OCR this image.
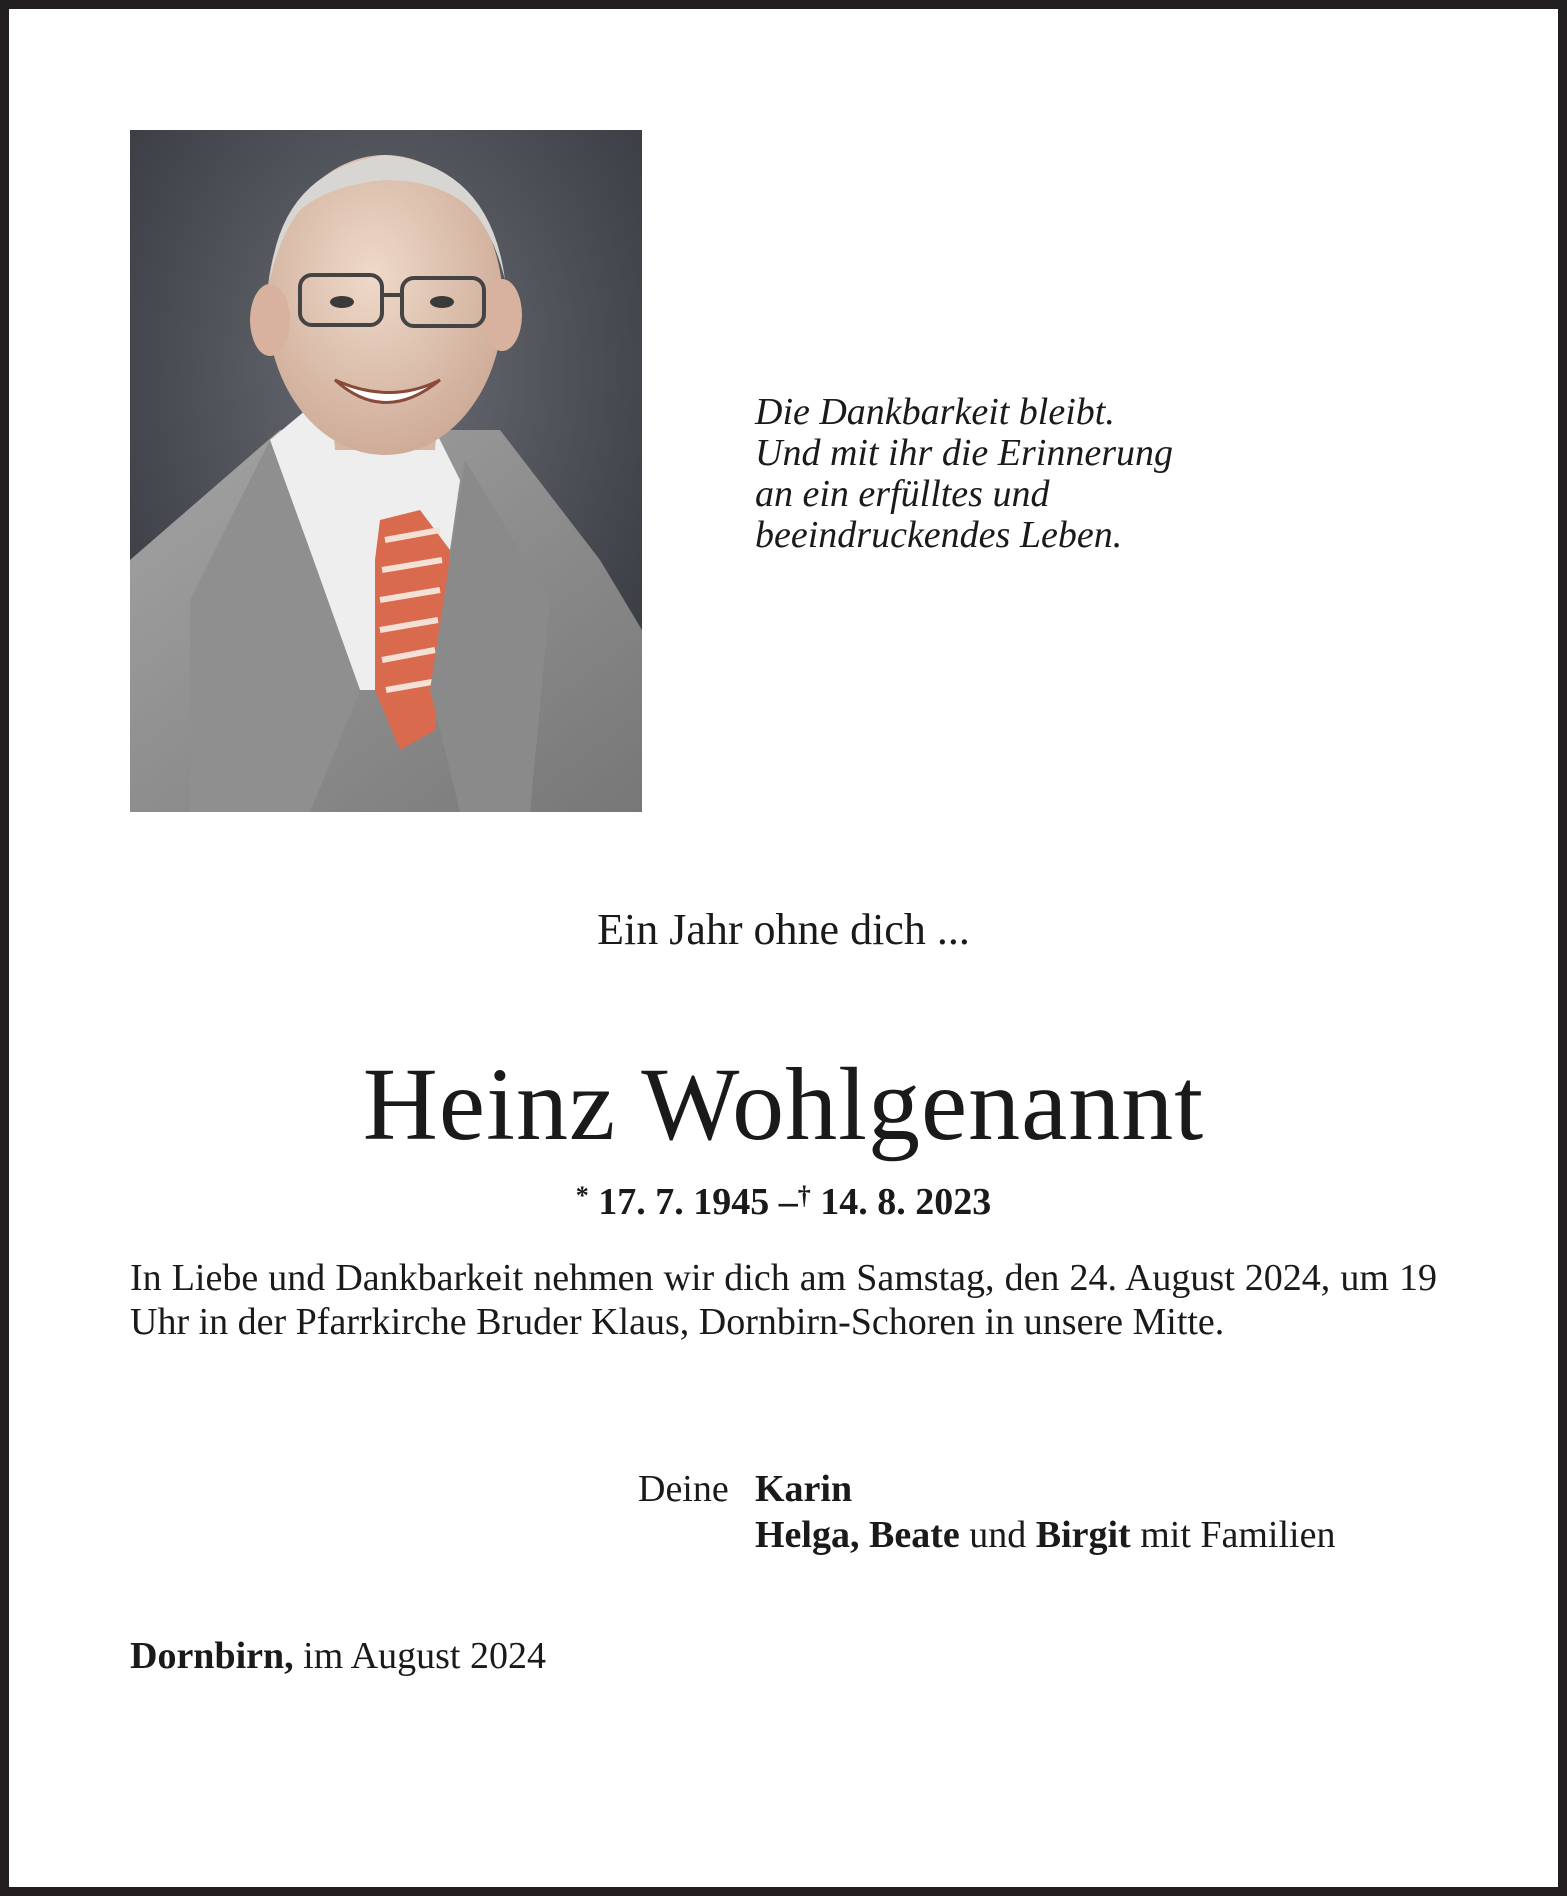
Die Dankbarkeit bleibt.
Und mit ihr die Erinnerung
an ein erfülltes und
beeindruckendes Leben.
Ein Jahr ohne dich ...
Heinz Wohlgenannt
* 17. 7. 1945 –† 14. 8. 2023
In Liebe und Dankbarkeit nehmen wir dich am Samstag, den 24. August 2024, um 19 Uhr in der Pfarrkirche Bruder Klaus, Dornbirn-Schoren in unsere Mitte.
Deine Karin
Helga,
Beate
und
Birgit
mit Familien
Dornbirn, im August 2024
